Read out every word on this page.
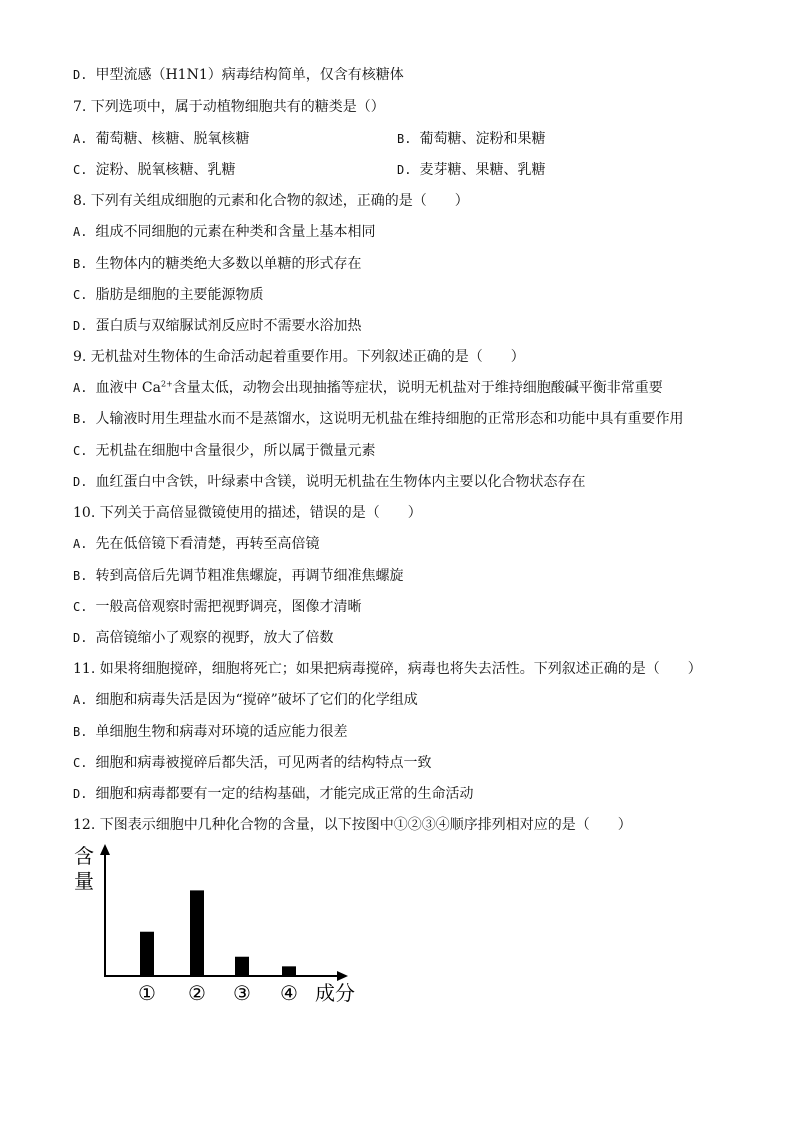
D. 甲型流感（H1N1）病毒结构简单，仅含有核糖体
7. 下列选项中，属于动植物细胞共有的糖类是（）
A. 葡萄糖、核糖、脱氧核糖	B. 葡萄糖、淀粉和果糖
C. 淀粉、脱氧核糖、乳糖	D. 麦芽糖、果糖、乳糖
8. 下列有关组成细胞的元素和化合物的叙述，正确的是（　　）
A. 组成不同细胞的元素在种类和含量上基本相同
B. 生物体内的糖类绝大多数以单糖的形式存在
C. 脂肪是细胞的主要能源物质
D. 蛋白质与双缩脲试剂反应时不需要水浴加热
9. 无机盐对生物体的生命活动起着重要作用。下列叙述正确的是（　　）
A. 血液中 $Ca^{2+}$含量太低，动物会出现抽搐等症状，说明无机盐对于维持细胞酸碱平衡非常重要
B. 人输液时用生理盐水而不是蒸馏水，这说明无机盐在维持细胞的正常形态和功能中具有重要作用
C. 无机盐在细胞中含量很少，所以属于微量元素
D. 血红蛋白中含铁，叶绿素中含镁，说明无机盐在生物体内主要以化合物状态存在
10. 下列关于高倍显微镜使用的描述，错误的是（　　）
A. 先在低倍镜下看清楚，再转至高倍镜
B. 转到高倍后先调节粗准焦螺旋，再调节细准焦螺旋
C. 一般高倍观察时需把视野调亮，图像才清晰
D. 高倍镜缩小了观察的视野，放大了倍数
11. 如果将细胞搅碎，细胞将死亡；如果把病毒搅碎，病毒也将失去活性。下列叙述正确的是（　　）
A. 细胞和病毒失活是因为“搅碎”破坏了它们的化学组成
B. 单细胞生物和病毒对环境的适应能力很差
C. 细胞和病毒被搅碎后都失活，可见两者的结构特点一致
D. 细胞和病毒都要有一定的结构基础，才能完成正常的生命活动
12. 下图表示细胞中几种化合物的含量，以下按图中①②③④顺序排列相对应的是（　　）
含
量
① ② ③ ④ 成分
